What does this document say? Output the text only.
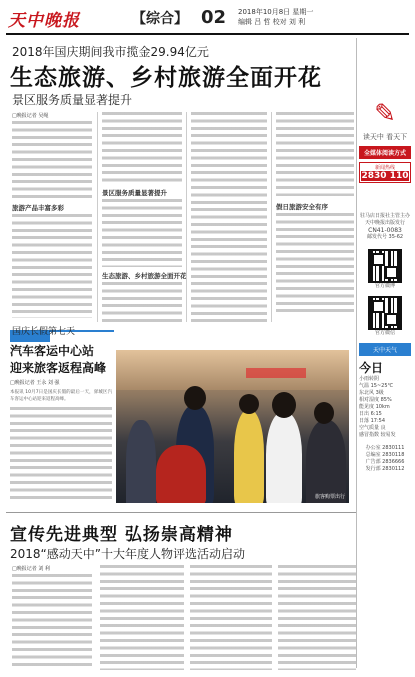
天中晚报	【综合】 02 2018年10月8日 星期一
编辑 吕 哲 校对 刘 利
2018年国庆期间我市揽金29.94亿元
生态旅游、乡村旅游全面开花
景区服务质量显著提升
□晚报记者 吴绳
旅游产品丰富多彩
景区服务质量显著提升
生态旅游、乡村旅游全面开花
假日旅游安全有序
国庆长假第七天
汽车客运中心站
迎来旅客返程高峰
□晚报记者 王永 刘 强
本报讯 10月7日是国庆长假的最后一天，驿城区汽车客运中心站迎来返程高峰。
旅客购票出行
宣传先进典型 弘扬崇高精神
2018“感动天中”十大年度人物评选活动启动
□晚报记者 刘 利
✎
读天中 看天下
全媒体阅读方式
新闻热线
2830 110
驻马店日报社主管主办
天中晚报出版发行
CN41-0083
邮发代号 35-62
官方微博
官方微信
天中天气
今日
小雨转阴
气温 15~25℃
东北风 3级
相对湿度 85%
能见度 10km
日出 6:15
日落 17:54
空气质量 良
感冒指数 较易发
办公室 2830111
总编室 2830118
广告部 2836666
发行部 2830112
